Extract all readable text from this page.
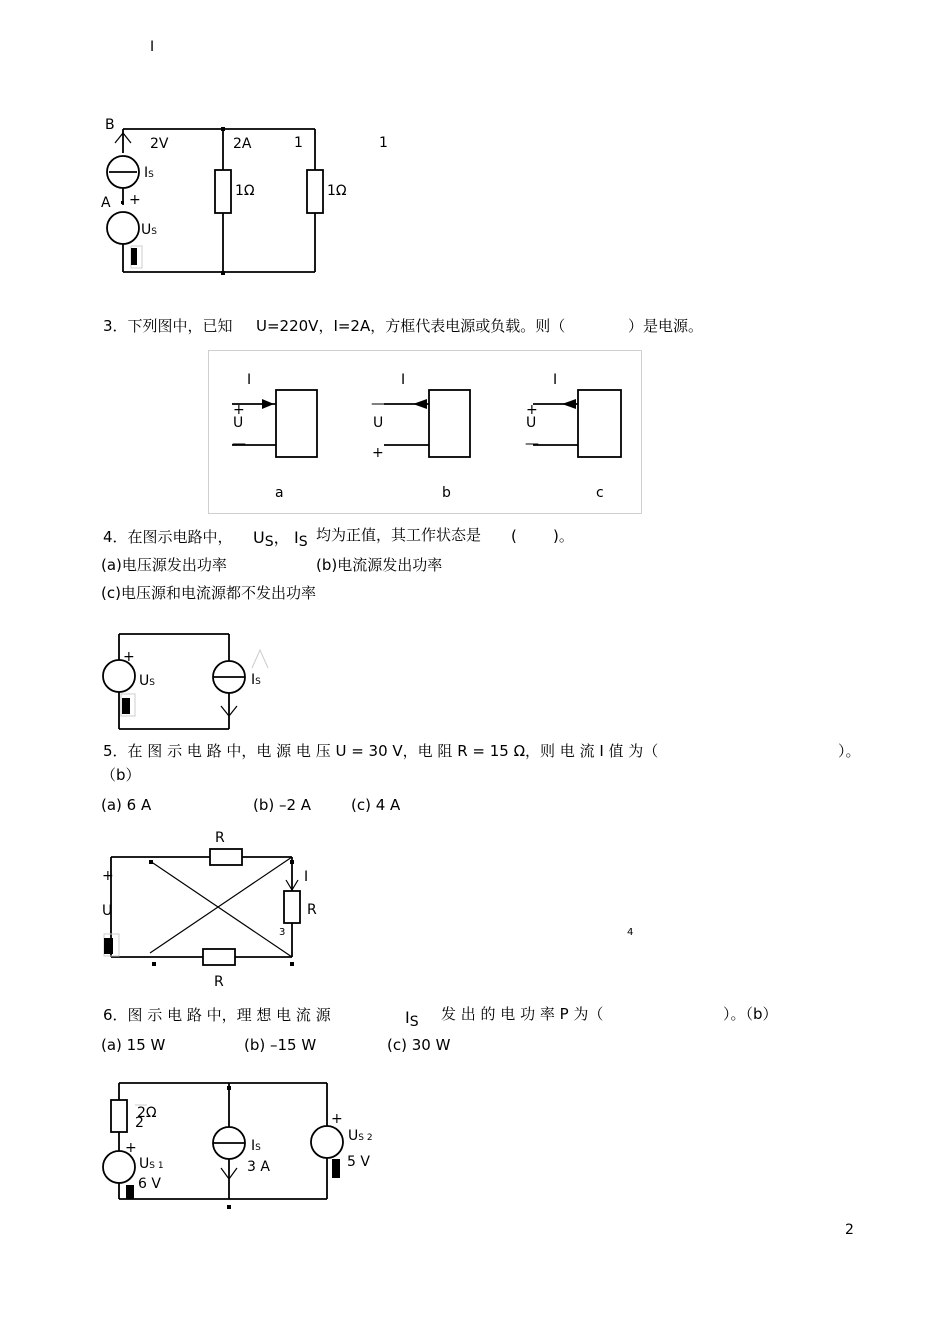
I
B
A
2V	2A	1	1
IS
+
US
1Ω	1Ω
3．下列图中，已知 U=220V，I=2A，方框代表电源或负载。则（	）是电源。
I
+
U
—
a
I
—
U
+
b
I
+
U
—
c
4．在图示电路中， US， IS 均为正值，其工作状态是 ( )。
(a)电压源发出功率	(b)电流源发出功率
(c)电压源和电流源都不发出功率
+
US	IS
5．在 图 示 电 路 中，电 源 电 压 U = 30 V，电 阻 R = 15 Ω，则 电 流 I 值 为（	）。
（b）
(a) 6 A	(b) –2 A	(c) 4 A
R
I
R
+
U
3	4
R
6．图 示 电 路 中，理 想 电 流 源	IS 发 出 的 电 功 率 P 为（	）。（b）
(a) 15 W	(b) –15 W	(c) 30 W
2Ω
2
+
US 1
6 V
IS
3 A
+
US 2
5 V
2
